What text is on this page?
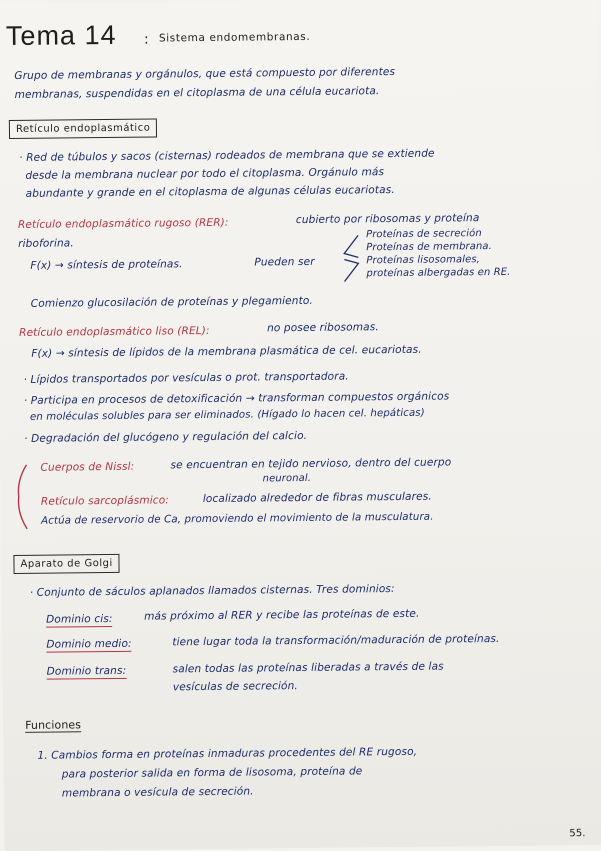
Tema 14 : Sistema endomembranas.
Grupo de membranas y orgánulos, que está compuesto por diferentes
membranas, suspendidas en el citoplasma de una célula eucariota.
Retículo endoplasmático
· Red de túbulos y sacos (cisternas) rodeados de membrana que se extiende
desde la membrana nuclear por todo el citoplasma. Orgánulo más
abundante y grande en el citoplasma de algunas células eucariotas.
Retículo endoplasmático rugoso (RER):	cubierto por ribosomas y proteína
riboforina.
F(x) → síntesis de proteínas.	Pueden ser
Proteínas de secreción
Proteínas de membrana.
Proteínas lisosomales,
proteínas albergadas en RE.
Comienzo glucosilación de proteínas y plegamiento.
Retículo endoplasmático liso (REL):	no posee ribosomas.
F(x) → síntesis de lípidos de la membrana plasmática de cel. eucariotas.
· Lípidos transportados por vesículas o prot. transportadora.
· Participa en procesos de detoxificación → transforman compuestos orgánicos
en moléculas solubles para ser eliminados. (Hígado lo hacen cel. hepáticas)
· Degradación del glucógeno y regulación del calcio.
Cuerpos de Nissl:	se encuentran en tejido nervioso, dentro del cuerpo
neuronal.
Retículo sarcoplásmico:	localizado alrededor de fibras musculares.
Actúa de reservorio de Ca, promoviendo el movimiento de la musculatura.
Aparato de Golgi
· Conjunto de sáculos aplanados llamados cisternas. Tres dominios:
Dominio cis:	más próximo al RER y recibe las proteínas de este.
Dominio medio:	tiene lugar toda la transformación/maduración de proteínas.
Dominio trans:	salen todas las proteínas liberadas a través de las
vesículas de secreción.
Funciones
1. Cambios forma en proteínas inmaduras procedentes del RE rugoso,
para posterior salida en forma de lisosoma, proteína de
membrana o vesícula de secreción.
55.
